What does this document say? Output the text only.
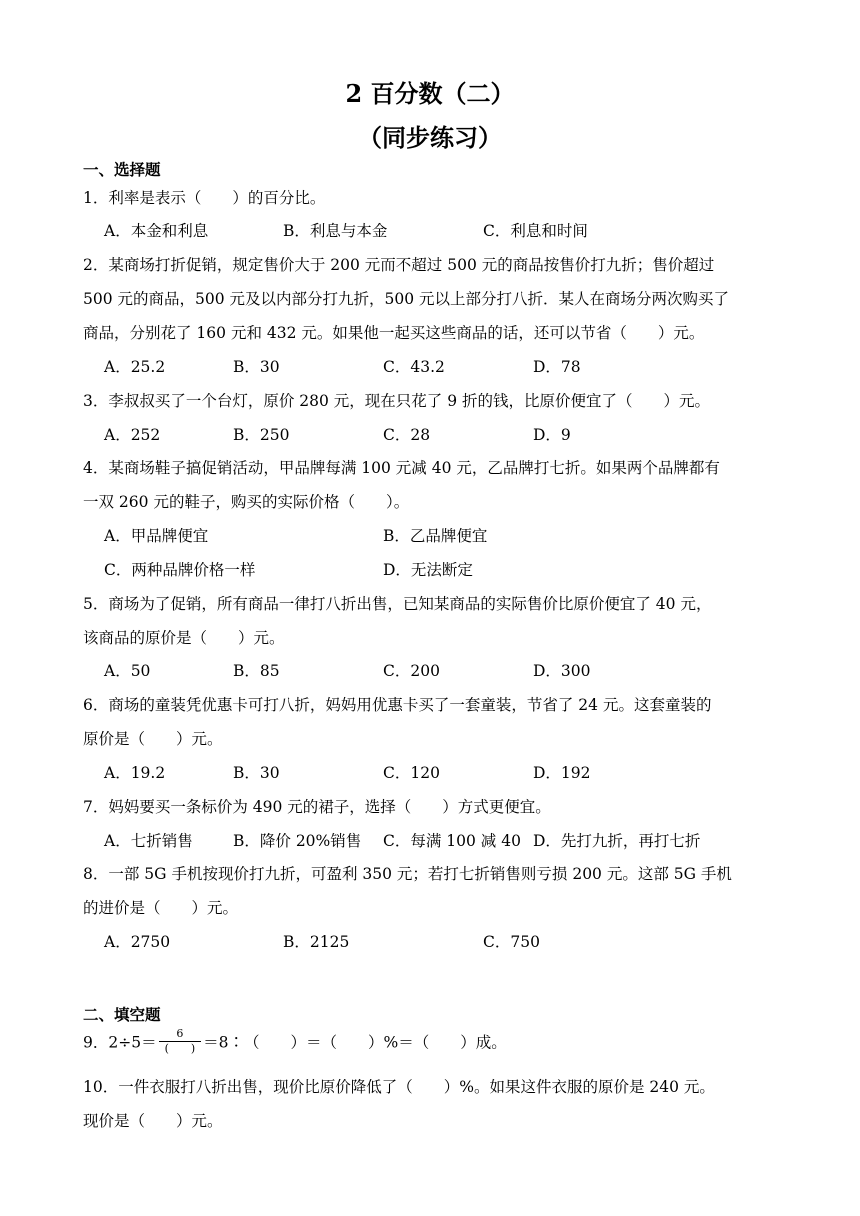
2 百分数（二）
（同步练习）
一、选择题
1．利率是表示（　　）的百分比。
A．本金和利息	B．利息与本金	C．利息和时间
2．某商场打折促销，规定售价大于 200 元而不超过 500 元的商品按售价打九折；售价超过
500 元的商品，500 元及以内部分打九折，500 元以上部分打八折．某人在商场分两次购买了
商品，分别花了 160 元和 432 元。如果他一起买这些商品的话，还可以节省（　　）元。
A．25.2	B．30	C．43.2	D．78
3．李叔叔买了一个台灯，原价 280 元，现在只花了 9 折的钱，比原价便宜了（　　）元。
A．252	B．250	C．28	D．9
4．某商场鞋子搞促销活动，甲品牌每满 100 元减 40 元，乙品牌打七折。如果两个品牌都有
一双 260 元的鞋子，购买的实际价格（　　）。
A．甲品牌便宜	B．乙品牌便宜
C．两种品牌价格一样	D．无法断定
5．商场为了促销，所有商品一律打八折出售，已知某商品的实际售价比原价便宜了 40 元，
该商品的原价是（　　）元。
A．50	B．85	C．200	D．300
6．商场的童装凭优惠卡可打八折，妈妈用优惠卡买了一套童装，节省了 24 元。这套童装的
原价是（　　）元。
A．19.2	B．30	C．120	D．192
7．妈妈要买一条标价为 490 元的裙子，选择（　　）方式更便宜。
A．七折销售	B．降价 20%销售 C．每满 100 减 40 D．先打九折，再打七折
8．一部 5G 手机按现价打九折，可盈利 350 元；若打七折销售则亏损 200 元。这部 5G 手机
的进价是（　　）元。
A．2750	B．2125	C．750
二、填空题
9．$2\div 5= \frac{6}{( )}$ ＝8∶（　　）＝（　　）%＝（　　）成。
10．一件衣服打八折出售，现价比原价降低了（　　）%。如果这件衣服的原价是 240 元。
现价是（　　）元。
